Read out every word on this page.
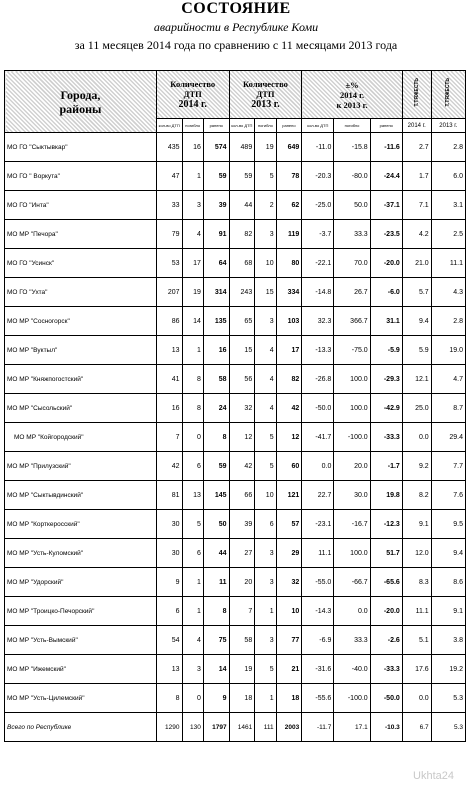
СОСТОЯНИЕ
аварийности в Республике Коми
за 11 месяцев 2014 года по сравнению с 11 месяцами 2013 года
Города,
районы	Количество
ДТП
2014 г.			Количество
ДТП
2013 г.			±%
2014 г.
к 2013 г.			Т.ТЯЖЕСТЬ	Т.ТЯЖЕСТЬ
	кол-во ДТП	погибло	ранено	кол-во ДТП	погибло	ранено	кол-во ДТП	погибло	ранено	2014 г.	2013 г.
МО ГО "Сыктывкар"	435	16	574	489	19	649	-11.0	-15.8	-11.6	2.7	2.8
МО ГО " Воркута"	47	1	59	59	5	78	-20.3	-80.0	-24.4	1.7	6.0
МО ГО "Инта"	33	3	39	44	2	62	-25.0	50.0	-37.1	7.1	3.1
МО МР "Печора"	79	4	91	82	3	119	-3.7	33.3	-23.5	4.2	2.5
МО ГО "Усинск"	53	17	64	68	10	80	-22.1	70.0	-20.0	21.0	11.1
МО ГО "Ухта"	207	19	314	243	15	334	-14.8	26.7	-6.0	5.7	4.3
МО МР "Сосногорск"	86	14	135	65	3	103	32.3	366.7	31.1	9.4	2.8
МО МР "Вуктыл"	13	1	16	15	4	17	-13.3	-75.0	-5.9	5.9	19.0
МО МР "Княжпогостский"	41	8	58	56	4	82	-26.8	100.0	-29.3	12.1	4.7
МО МР "Сысольский"	16	8	24	32	4	42	-50.0	100.0	-42.9	25.0	8.7
МО МР "Койгородский"	7	0	8	12	5	12	-41.7	-100.0	-33.3	0.0	29.4
МО МР "Прилузский"	42	6	59	42	5	60	0.0	20.0	-1.7	9.2	7.7
МО МР "Сыктывдинский"	81	13	145	66	10	121	22.7	30.0	19.8	8.2	7.6
МО МР "Корткеросский"	30	5	50	39	6	57	-23.1	-16.7	-12.3	9.1	9.5
МО МР "Усть-Куломский"	30	6	44	27	3	29	11.1	100.0	51.7	12.0	9.4
МО МР "Удорский"	9	1	11	20	3	32	-55.0	-66.7	-65.6	8.3	8.6
МО МР "Троицко-Печорский"	6	1	8	7	1	10	-14.3	0.0	-20.0	11.1	9.1
МО МР "Усть-Вымский"	54	4	75	58	3	77	-6.9	33.3	-2.6	5.1	3.8
МО МР "Ижемский"	13	3	14	19	5	21	-31.6	-40.0	-33.3	17.6	19.2
МО МР "Усть-Цилемский"	8	0	9	18	1	18	-55.6	-100.0	-50.0	0.0	5.3
Всего по Республике	1290	130	1797	1461	111	2003	-11.7	17.1	-10.3	6.7	5.3
Ukhta24
